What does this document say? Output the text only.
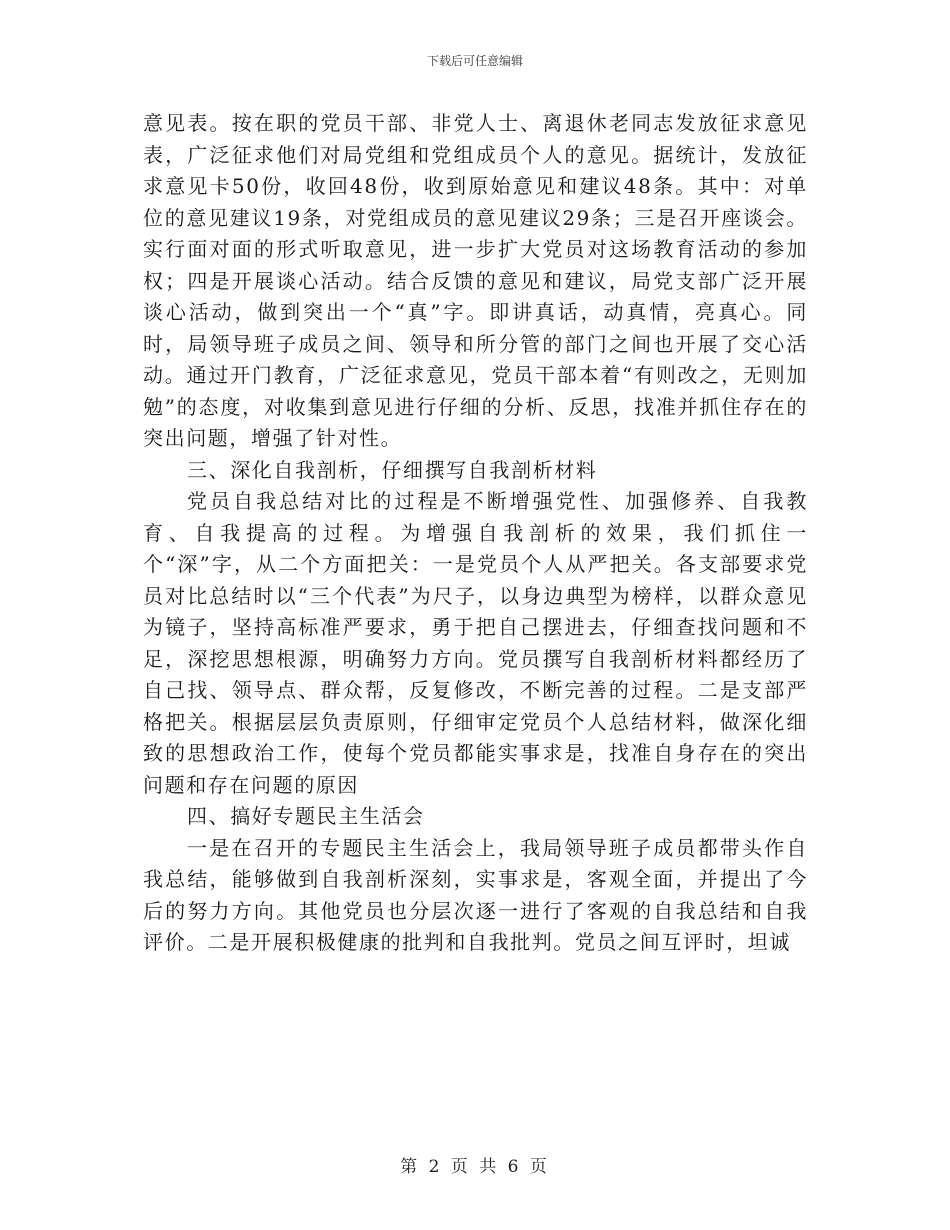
下载后可任意编辑

意见表。按在职的党员干部、非党人士、离退休老同志发放征求意见表，广泛征求他们对局党组和党组成员个人的意见。据统计，发放征求意见卡50份，收回48份，收到原始意见和建议48条。其中：对单位的意见建议19条，对党组成员的意见建议29条；三是召开座谈会。实行面对面的形式听取意见，进一步扩大党员对这场教育活动的参加权；四是开展谈心活动。结合反馈的意见和建议，局党支部广泛开展谈心活动，做到突出一个“真”字。即讲真话，动真情，亮真心。同时，局领导班子成员之间、领导和所分管的部门之间也开展了交心活动。通过开门教育，广泛征求意见，党员干部本着“有则改之，无则加勉”的态度，对收集到意见进行仔细的分析、反思，找准并抓住存在的突出问题，增强了针对性。

三、深化自我剖析，仔细撰写自我剖析材料

党员自我总结对比的过程是不断增强党性、加强修养、自我教育、自我提高的过程。为增强自我剖析的效果，我们抓住一个“深”字，从二个方面把关：一是党员个人从严把关。各支部要求党员对比总结时以“三个代表”为尺子，以身边典型为榜样，以群众意见为镜子，坚持高标准严要求，勇于把自己摆进去，仔细查找问题和不足，深挖思想根源，明确努力方向。党员撰写自我剖析材料都经历了自己找、领导点、群众帮，反复修改，不断完善的过程。二是支部严格把关。根据层层负责原则，仔细审定党员个人总结材料，做深化细致的思想政治工作，使每个党员都能实事求是，找准自身存在的突出问题和存在问题的原因

四、搞好专题民主生活会

一是在召开的专题民主生活会上，我局领导班子成员都带头作自我总结，能够做到自我剖析深刻，实事求是，客观全面，并提出了今后的努力方向。其他党员也分层次逐一进行了客观的自我总结和自我评价。二是开展积极健康的批判和自我批判。党员之间互评时，坦诚

第 2 页 共 6 页
